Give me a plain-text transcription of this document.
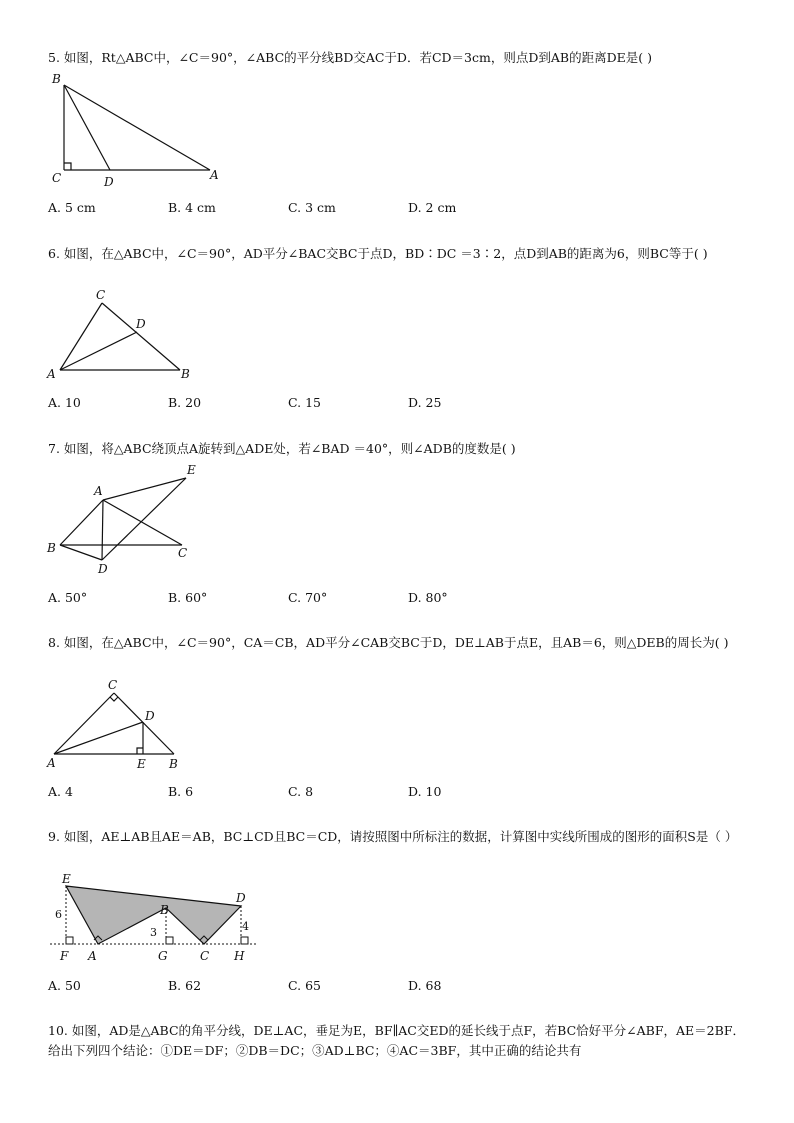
5. 如图，Rt△ABC中，∠C＝90°，∠ABC的平分线BD交AC于D．若CD＝3cm，则点D到AB的距离DE是( )
B
C	D	A
A. 5 cm	B. 4 cm	C. 3 cm	D. 2 cm
6. 如图，在△ABC中，∠C＝90°，AD平分∠BAC交BC于点D，BD∶DC ＝3∶2，点D到AB的距离为6，则BC等于( )
C
D
A	B
A. 10	B. 20	C. 15	D. 25
7. 如图，将△ABC绕顶点A旋转到△ADE处，若∠BAD ＝40°，则∠ADB的度数是( )
E
A
B	C
D
A. 50°	B. 60°	C. 70°	D. 80°
8. 如图，在△ABC中，∠C＝90°，CA＝CB，AD平分∠CAB交BC于D，DE⊥AB于点E，且AB＝6，则△DEB的周长为( )
C
D
A	E B
A. 4	B. 6	C. 8	D. 10
9. 如图，AE⊥AB且AE＝AB，BC⊥CD且BC＝CD，请按照图中所标注的数据，计算图中实线所围成的图形的面积S是（ ）
E
D
B
F A	G	C H
6
3	4
A. 50	B. 62	C. 65	D. 68
10. 如图，AD是△ABC的角平分线，DE⊥AC，垂足为E，BF∥AC交ED的延长线于点F，若BC恰好平分∠ABF，AE＝2BF．给出下列四个结论：①DE＝DF；②DB＝DC；③AD⊥BC；④AC＝3BF，其中正确的结论共有
